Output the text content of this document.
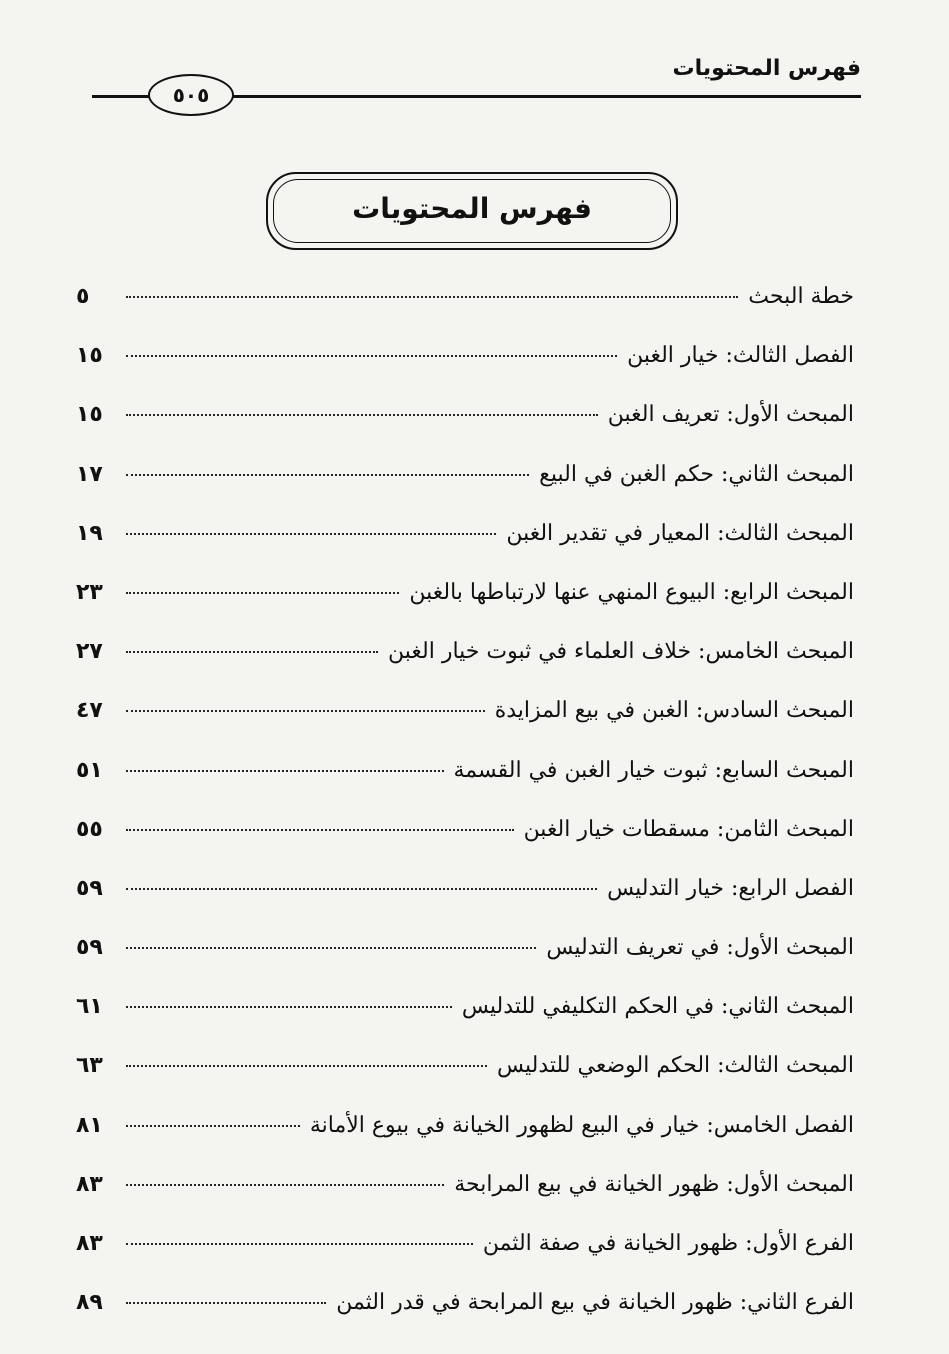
فهرس المحتويات
٥٠٥
فهرس المحتويات
خطة البحث
٥
الفصل الثالث: خيار الغبن
١٥
المبحث الأول: تعريف الغبن
١٥
المبحث الثاني: حكم الغبن في البيع
١٧
المبحث الثالث: المعيار في تقدير الغبن
١٩
المبحث الرابع: البيوع المنهي عنها لارتباطها بالغبن
٢٣
المبحث الخامس: خلاف العلماء في ثبوت خيار الغبن
٢٧
المبحث السادس: الغبن في بيع المزايدة
٤٧
المبحث السابع: ثبوت خيار الغبن في القسمة
٥١
المبحث الثامن: مسقطات خيار الغبن
٥٥
الفصل الرابع: خيار التدليس
٥٩
المبحث الأول: في تعريف التدليس
٥٩
المبحث الثاني: في الحكم التكليفي للتدليس
٦١
المبحث الثالث: الحكم الوضعي للتدليس
٦٣
الفصل الخامس: خيار في البيع لظهور الخيانة في بيوع الأمانة
٨١
المبحث الأول: ظهور الخيانة في بيع المرابحة
٨٣
الفرع الأول: ظهور الخيانة في صفة الثمن
٨٣
الفرع الثاني: ظهور الخيانة في بيع المرابحة في قدر الثمن
٨٩
